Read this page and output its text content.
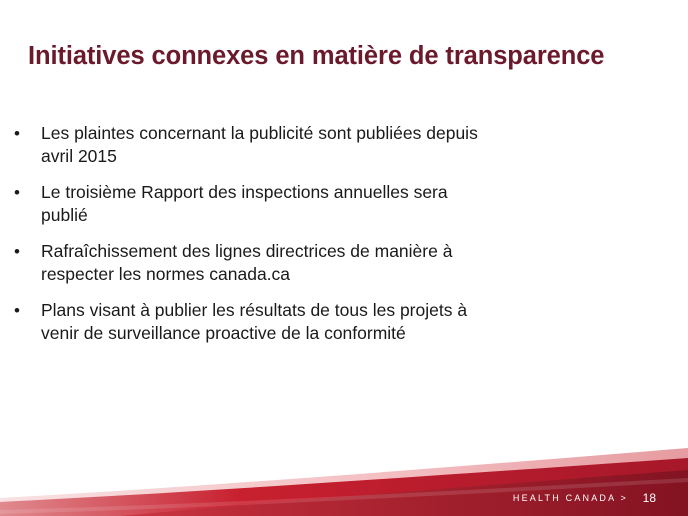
Initiatives connexes en matière de transparence
•	Les plaintes concernant la publicité sont publiées depuis
avril 2015
•	Le troisième Rapport des inspections annuelles sera
publié
•	Rafraîchissement des lignes directrices de manière à
respecter les normes canada.ca
•	Plans visant à publier les résultats de tous les projets à
venir de surveillance proactive de la conformité
HEALTH CANADA > 18
